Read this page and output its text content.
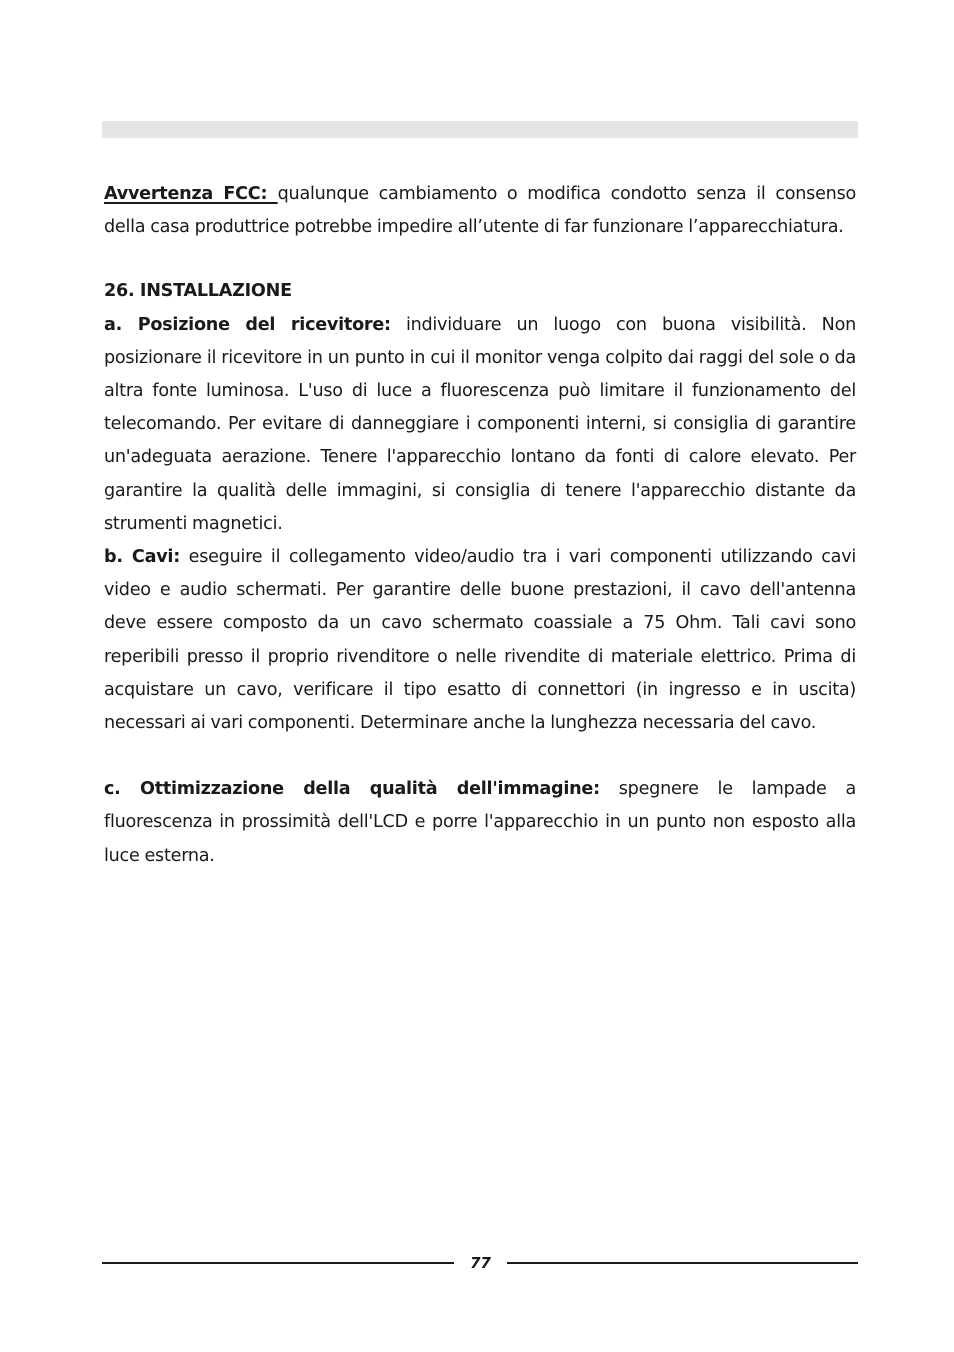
Avvertenza FCC: qualunque cambiamento o modifica condotto senza il consenso della casa produttrice potrebbe impedire all’utente di far funzionare l’apparecchiatura.

26. INSTALLAZIONE

a. Posizione del ricevitore: individuare un luogo con buona visibilità. Non posizionare il ricevitore in un punto in cui il monitor venga colpito dai raggi del sole o da altra fonte luminosa. L'uso di luce a fluorescenza può limitare il funzionamento del telecomando. Per evitare di danneggiare i componenti interni, si consiglia di garantire un'adeguata aerazione. Tenere l'apparecchio lontano da fonti di calore elevato. Per garantire la qualità delle immagini, si consiglia di tenere l'apparecchio distante da strumenti magnetici.

b. Cavi: eseguire il collegamento video/audio tra i vari componenti utilizzando cavi video e audio schermati. Per garantire delle buone prestazioni, il cavo dell'antenna deve essere composto da un cavo schermato coassiale a 75 Ohm. Tali cavi sono reperibili presso il proprio rivenditore o nelle rivendite di materiale elettrico. Prima di acquistare un cavo, verificare il tipo esatto di connettori (in ingresso e in uscita) necessari ai vari componenti. Determinare anche la lunghezza necessaria del cavo.

c. Ottimizzazione della qualità dell'immagine: spegnere le lampade a fluorescenza in prossimità dell'LCD e porre l'apparecchio in un punto non esposto alla luce esterna.

77
